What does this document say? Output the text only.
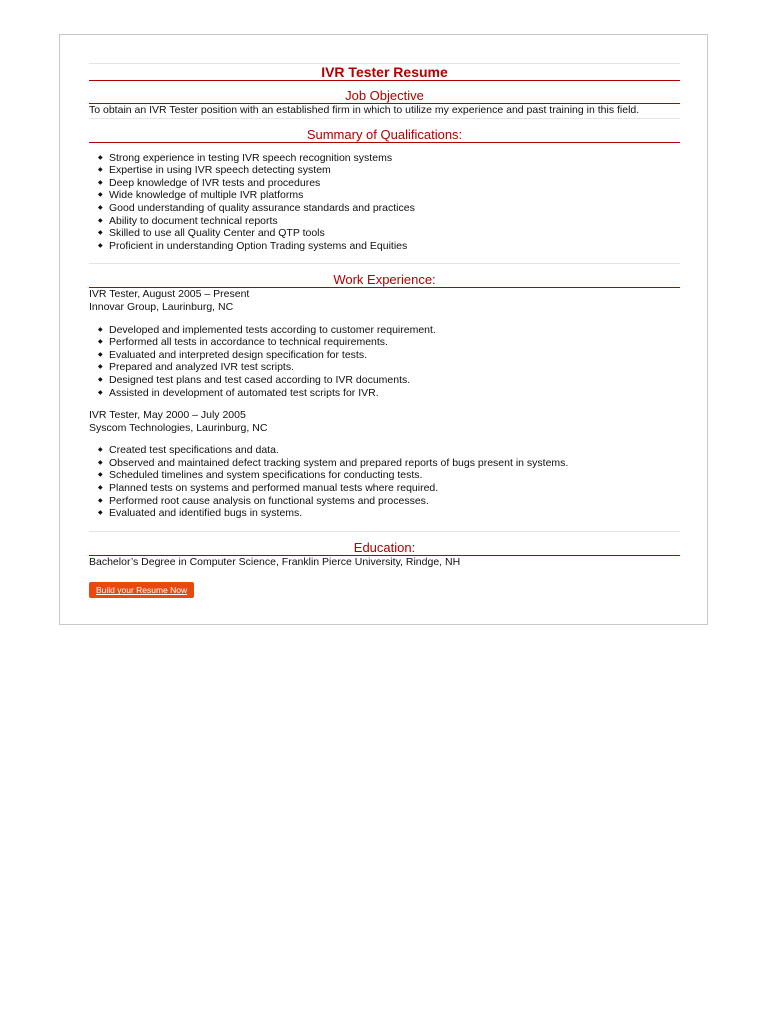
IVR Tester Resume
Job Objective
To obtain an IVR Tester position with an established firm in which to utilize my experience and past training in this field.
Summary of Qualifications:
◆ Strong experience in testing IVR speech recognition systems
◆ Expertise in using IVR speech detecting system
◆ Deep knowledge of IVR tests and procedures
◆ Wide knowledge of multiple IVR platforms
◆ Good understanding of quality assurance standards and practices
◆ Ability to document technical reports
◆ Skilled to use all Quality Center and QTP tools
◆ Proficient in understanding Option Trading systems and Equities
Work Experience:
IVR Tester, August 2005 – Present
Innovar Group, Laurinburg, NC
◆ Developed and implemented tests according to customer requirement.
◆ Performed all tests in accordance to technical requirements.
◆ Evaluated and interpreted design specification for tests.
◆ Prepared and analyzed IVR test scripts.
◆ Designed test plans and test cased according to IVR documents.
◆ Assisted in development of automated test scripts for IVR.
IVR Tester, May 2000 – July 2005
Syscom Technologies, Laurinburg, NC
◆ Created test specifications and data.
◆ Observed and maintained defect tracking system and prepared reports of bugs present in systems.
◆ Scheduled timelines and system specifications for conducting tests.
◆ Planned tests on systems and performed manual tests where required.
◆ Performed root cause analysis on functional systems and processes.
◆ Evaluated and identified bugs in systems.
Education:
Bachelor’s Degree in Computer Science, Franklin Pierce University, Rindge, NH
Build your Resume Now
